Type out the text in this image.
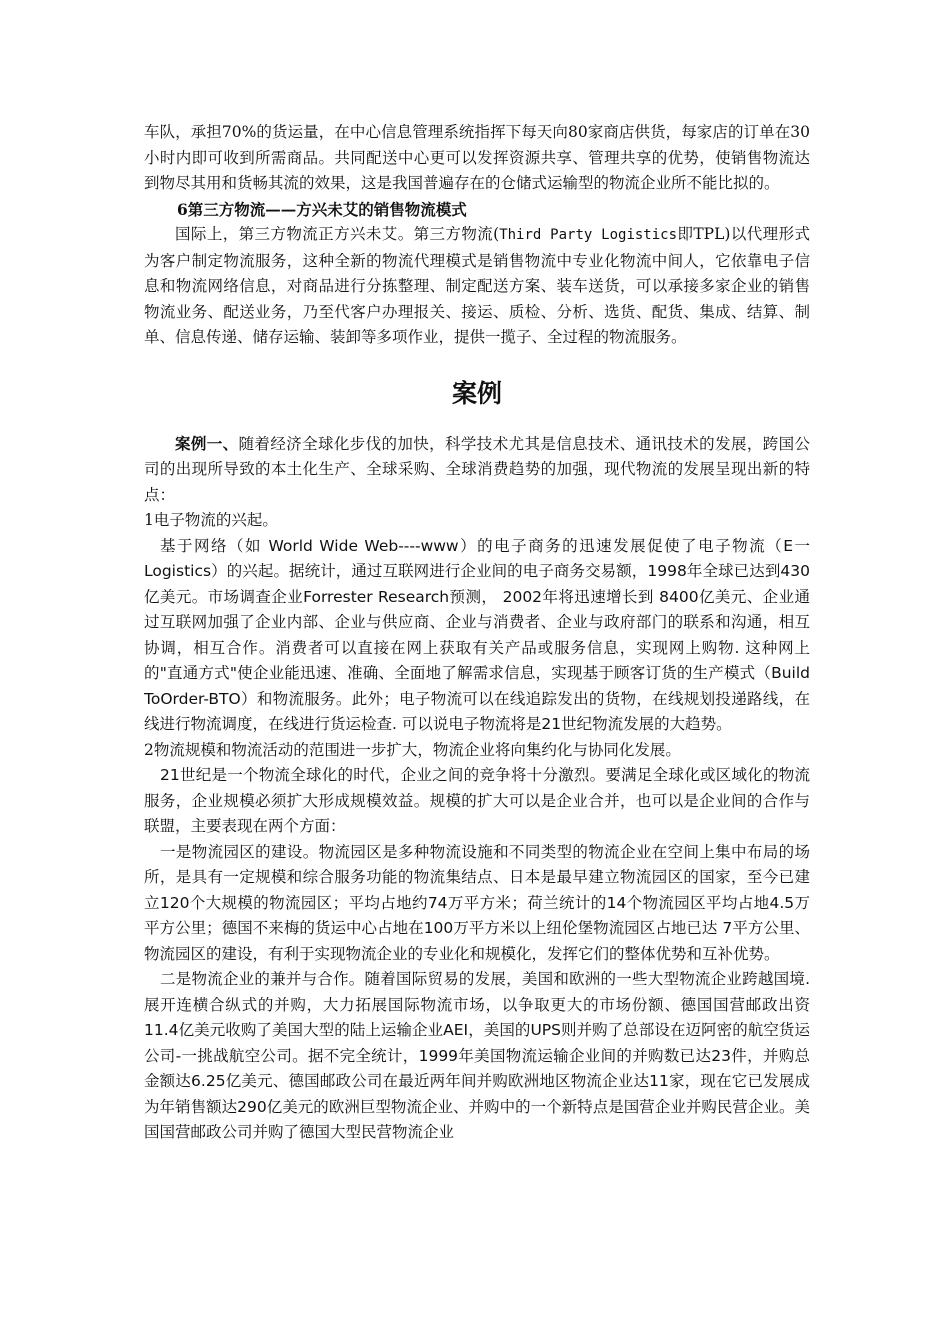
车队，承担70%的货运量，在中心信息管理系统指挥下每天向80家商店供货，每家店的订单在30小时内即可收到所需商品。共同配送中心更可以发挥资源共享、管理共享的优势，使销售物流达到物尽其用和货畅其流的效果，这是我国普遍存在的仓储式运输型的物流企业所不能比拟的。

6第三方物流——方兴未艾的销售物流模式

国际上，第三方物流正方兴未艾。第三方物流(Third Party Logistics即TPL)以代理形式为客户制定物流服务，这种全新的物流代理模式是销售物流中专业化物流中间人，它依靠电子信息和物流网络信息，对商品进行分拣整理、制定配送方案、装车送货，可以承接多家企业的销售物流业务、配送业务，乃至代客户办理报关、接运、质检、分析、选货、配货、集成、结算、制单、信息传递、储存运输、装卸等多项作业，提供一揽子、全过程的物流服务。

案例

案例一、随着经济全球化步伐的加快，科学技术尤其是信息技术、通讯技术的发展，跨国公司的出现所导致的本土化生产、全球采购、全球消费趋势的加强，现代物流的发展呈现出新的特点：

1电子物流的兴起。

基于网络（如 World Wide Web----www）的电子商务的迅速发展促使了电子物流（E一Logistics）的兴起。据统计，通过互联网进行企业间的电子商务交易额，1998年全球已达到430亿美元。市场调查企业Forrester Research预测， 2002年将迅速增长到 8400亿美元、企业通过互联网加强了企业内部、企业与供应商、企业与消费者、企业与政府部门的联系和沟通，相互协调，相互合作。消费者可以直接在网上获取有关产品或服务信息，实现网上购物. 这种网上的"直通方式"使企业能迅速、准确、全面地了解需求信息，实现基于顾客订货的生产模式（Build ToOrder-BTO）和物流服务。此外；电子物流可以在线追踪发出的货物，在线规划投递路线，在线进行物流调度，在线进行货运检查. 可以说电子物流将是21世纪物流发展的大趋势。

2物流规模和物流活动的范围进一步扩大，物流企业将向集约化与协同化发展。

21世纪是一个物流全球化的时代，企业之间的竞争将十分激烈。要满足全球化或区域化的物流服务，企业规模必须扩大形成规模效益。规模的扩大可以是企业合并，也可以是企业间的合作与联盟，主要表现在两个方面：

一是物流园区的建设。物流园区是多种物流设施和不同类型的物流企业在空间上集中布局的场所，是具有一定规模和综合服务功能的物流集结点、日本是最早建立物流园区的国家，至今已建立120个大规模的物流园区；平均占地约74万平方米；荷兰统计的14个物流园区平均占地4.5万平方公里；德国不来梅的货运中心占地在100万平方米以上纽伦堡物流园区占地已达 7平方公里、物流园区的建设，有利于实现物流企业的专业化和规模化，发挥它们的整体优势和互补优势。

二是物流企业的兼并与合作。随着国际贸易的发展，美国和欧洲的一些大型物流企业跨越国境. 展开连横合纵式的并购，大力拓展国际物流市场，以争取更大的市场份额、德国国营邮政出资11.4亿美元收购了美国大型的陆上运输企业AEI，美国的UPS则并购了总部设在迈阿密的航空货运公司-一挑战航空公司。据不完全统计，1999年美国物流运输企业间的并购数已达23件，并购总金额达6.25亿美元、德国邮政公司在最近两年间并购欧洲地区物流企业达11家，现在它已发展成为年销售额达290亿美元的欧洲巨型物流企业、并购中的一个新特点是国营企业并购民营企业。美国国营邮政公司并购了德国大型民营物流企业
